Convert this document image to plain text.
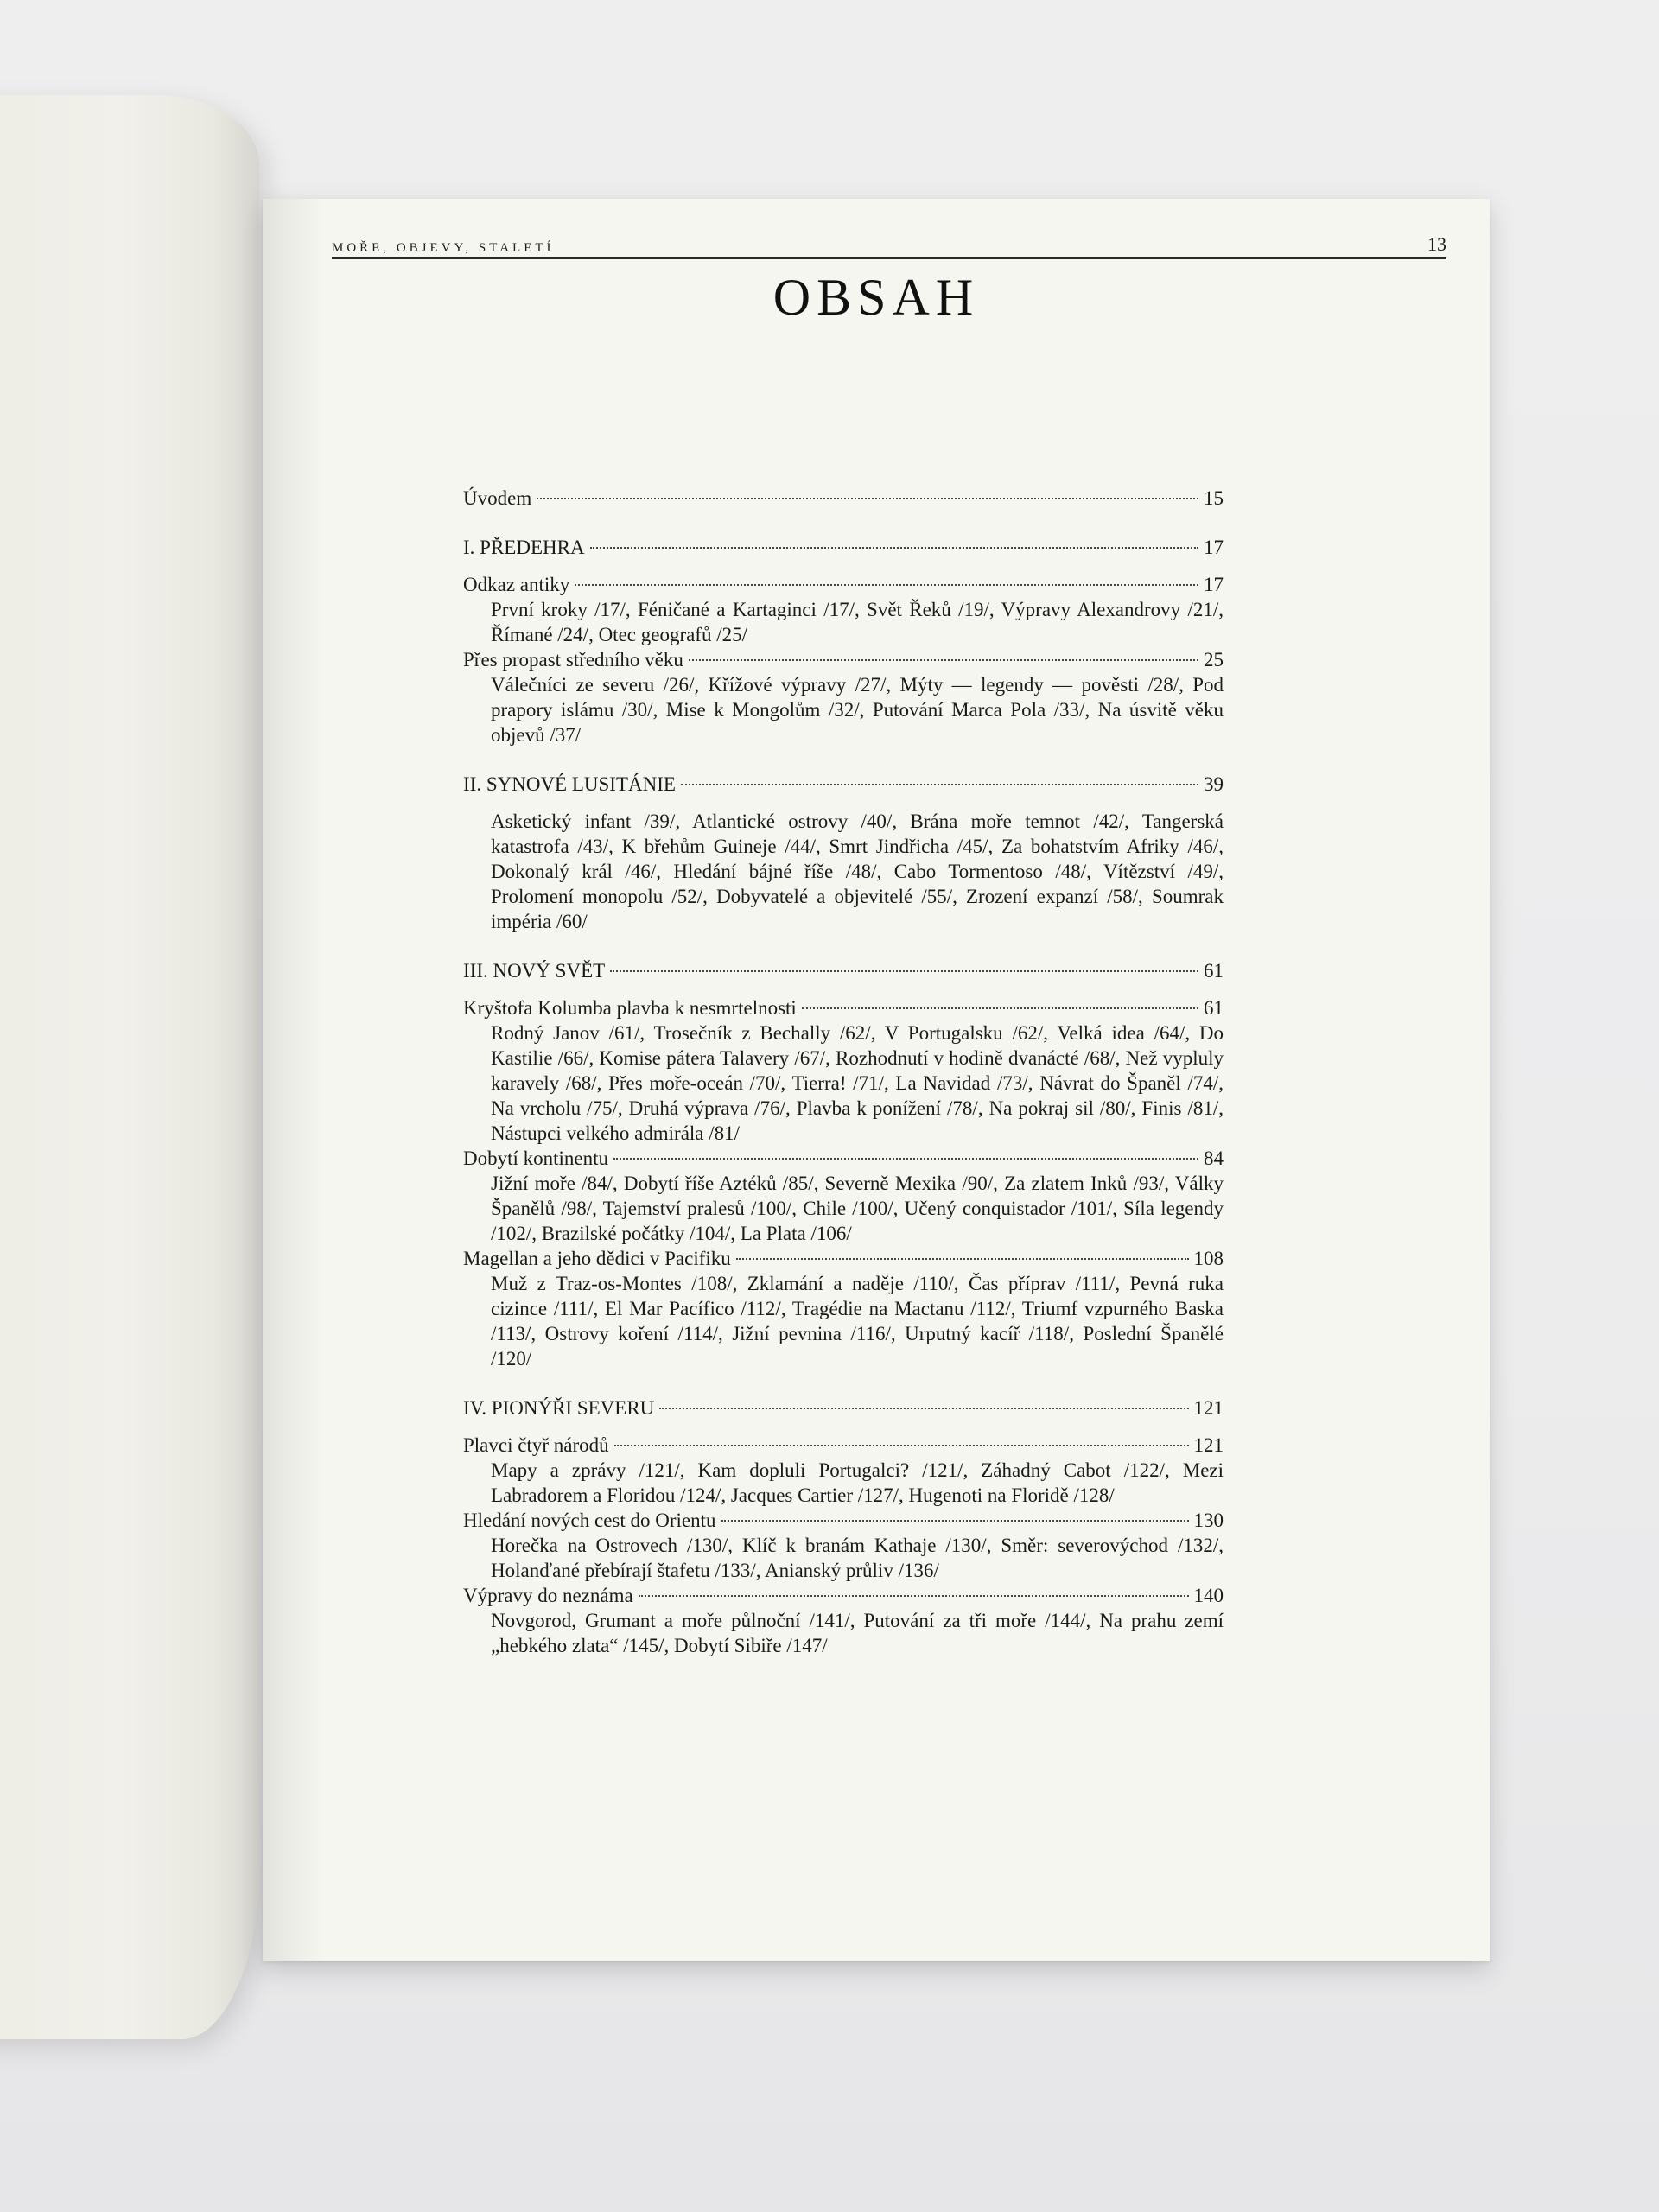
MOŘE, OBJEVY, STALETÍ	13
OBSAH
Úvodem	15
I. PŘEDEHRA	17
Odkaz antiky	17
První kroky /17/, Féničané a Kartaginci /17/, Svět Řeků /19/, Výpravy Alexandrovy /21/, Římané /24/, Otec geografů /25/
Přes propast středního věku	25
Válečníci ze severu /26/, Křížové výpravy /27/, Mýty — legendy — pověsti /28/, Pod prapory islámu /30/, Mise k Mongolům /32/, Putování Marca Pola /33/, Na úsvitě věku objevů /37/
II. SYNOVÉ LUSITÁNIE	39
Asketický infant /39/, Atlantické ostrovy /40/, Brána moře temnot /42/, Tangerská katastrofa /43/, K břehům Guineje /44/, Smrt Jindřicha /45/, Za bohatstvím Afriky /46/, Dokonalý král /46/, Hledání bájné říše /48/, Cabo Tormentoso /48/, Vítězství /49/, Prolomení monopolu /52/, Dobyvatelé a objevitelé /55/, Zrození expanzí /58/, Soumrak impéria /60/
III. NOVÝ SVĚT	61
Kryštofa Kolumba plavba k nesmrtelnosti	61
Rodný Janov /61/, Trosečník z Bechally /62/, V Portugalsku /62/, Velká idea /64/, Do Kastilie /66/, Komise pátera Talavery /67/, Rozhodnutí v hodině dvanácté /68/, Než vypluly karavely /68/, Přes moře-oceán /70/, Tierra! /71/, La Navidad /73/, Návrat do Španěl /74/, Na vrcholu /75/, Druhá výprava /76/, Plavba k ponížení /78/, Na pokraj sil /80/, Finis /81/, Nástupci velkého admirála /81/
Dobytí kontinentu	84
Jižní moře /84/, Dobytí říše Aztéků /85/, Severně Mexika /90/, Za zlatem Inků /93/, Války Španělů /98/, Tajemství pralesů /100/, Chile /100/, Učený conquistador /101/, Síla legendy /102/, Brazilské počátky /104/, La Plata /106/
Magellan a jeho dědici v Pacifiku	108
Muž z Traz-os-Montes /108/, Zklamání a naděje /110/, Čas příprav /111/, Pevná ruka cizince /111/, El Mar Pacífico /112/, Tragédie na Mactanu /112/, Triumf vzpurného Baska /113/, Ostrovy koření /114/, Jižní pevnina /116/, Urputný kacíř /118/, Poslední Španělé /120/
IV. PIONÝŘI SEVERU	121
Plavci čtyř národů	121
Mapy a zprávy /121/, Kam dopluli Portugalci? /121/, Záhadný Cabot /122/, Mezi Labradorem a Floridou /124/, Jacques Cartier /127/, Hugenoti na Floridě /128/
Hledání nových cest do Orientu	130
Horečka na Ostrovech /130/, Klíč k branám Kathaje /130/, Směr: severovýchod /132/, Holanďané přebírají štafetu /133/, Anianský průliv /136/
Výpravy do neznáma	140
Novgorod, Grumant a moře půlnoční /141/, Putování za tři moře /144/, Na prahu zemí „hebkého zlata“ /145/, Dobytí Sibiře /147/
